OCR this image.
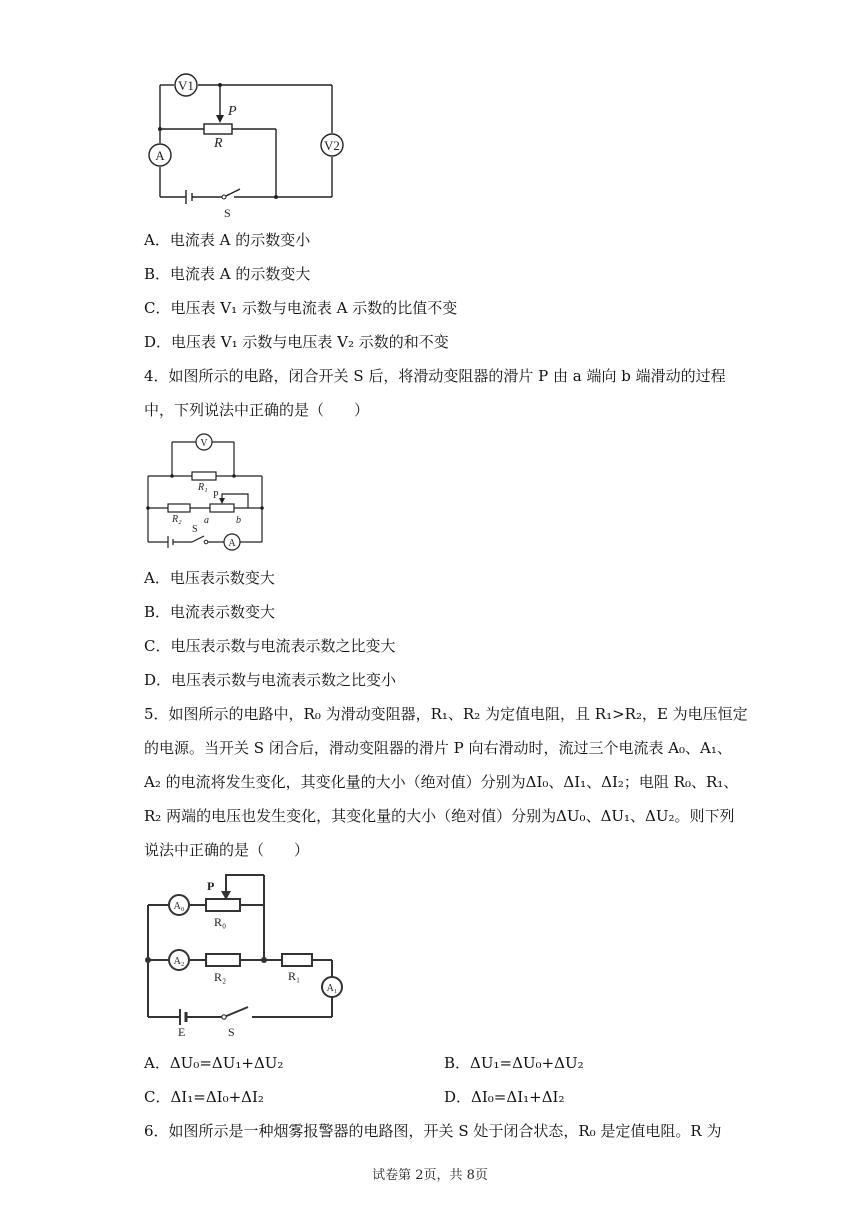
V1
V2
A
P
R
S
A．电流表 A 的示数变小
B．电流表 A 的示数变大
C．电压表 V₁ 示数与电流表 A 示数的比值不变
D．电压表 V₁ 示数与电压表 V₂ 示数的和不变
4．如图所示的电路，闭合开关 S 后，将滑动变阻器的滑片 P 由 a 端向 b 端滑动的过程
中，下列说法中正确的是（　　）
V
A
R₁
R₂
P
a	b
S
A．电压表示数变大
B．电流表示数变大
C．电压表示数与电流表示数之比变大
D．电压表示数与电流表示数之比变小
5．如图所示的电路中，R₀ 为滑动变阻器，R₁、R₂ 为定值电阻，且 R₁>R₂，E 为电压恒定
的电源。当开关 S 闭合后，滑动变阻器的滑片 P 向右滑动时，流过三个电流表 A₀、A₁、
A₂ 的电流将发生变化，其变化量的大小（绝对值）分别为ΔI₀、ΔI₁、ΔI₂；电阻 R₀、R₁、
R₂ 两端的电压也发生变化，其变化量的大小（绝对值）分别为ΔU₀、ΔU₁、ΔU₂。则下列
说法中正确的是（　　）
A₀
A₂
A₁
P
R₀
R₂	R₁
E	S
A．ΔU₀=ΔU₁+ΔU₂	B．ΔU₁=ΔU₀+ΔU₂
C．ΔI₁=ΔI₀+ΔI₂	D．ΔI₀=ΔI₁+ΔI₂
6．如图所示是一种烟雾报警器的电路图，开关 S 处于闭合状态，R₀ 是定值电阻。R 为
试卷第 2页，共 8页
